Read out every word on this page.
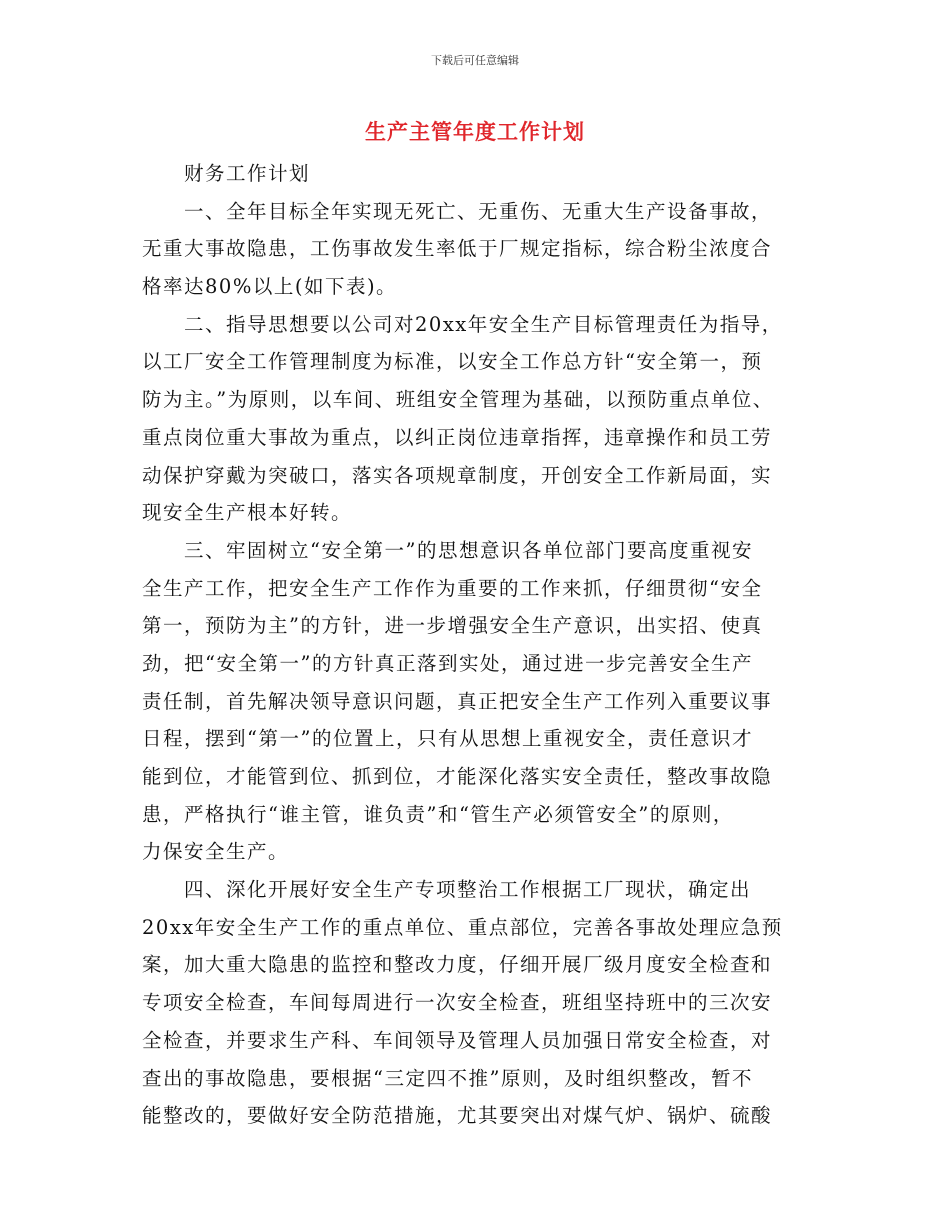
下载后可任意编辑
生产主管年度工作计划
　　财务工作计划
　　一、全年目标全年实现无死亡、无重伤、无重大生产设备事故，
无重大事故隐患，工伤事故发生率低于厂规定指标，综合粉尘浓度合
格率达80%以上(如下表)。
　　二、指导思想要以公司对20xx年安全生产目标管理责任为指导，
以工厂安全工作管理制度为标准，以安全工作总方针“安全第一，预
防为主。”为原则，以车间、班组安全管理为基础，以预防重点单位、
重点岗位重大事故为重点，以纠正岗位违章指挥，违章操作和员工劳
动保护穿戴为突破口，落实各项规章制度，开创安全工作新局面，实
现安全生产根本好转。
　　三、牢固树立“安全第一”的思想意识各单位部门要高度重视安
全生产工作，把安全生产工作作为重要的工作来抓，仔细贯彻“安全
第一，预防为主”的方针，进一步增强安全生产意识，出实招、使真
劲，把“安全第一”的方针真正落到实处，通过进一步完善安全生产
责任制，首先解决领导意识问题，真正把安全生产工作列入重要议事
日程，摆到“第一”的位置上，只有从思想上重视安全，责任意识才
能到位，才能管到位、抓到位，才能深化落实安全责任，整改事故隐
患，严格执行“谁主管，谁负责”和“管生产必须管安全”的原则，
力保安全生产。
　　四、深化开展好安全生产专项整治工作根据工厂现状，确定出
20xx年安全生产工作的重点单位、重点部位，完善各事故处理应急预
案，加大重大隐患的监控和整改力度，仔细开展厂级月度安全检查和
专项安全检查，车间每周进行一次安全检查，班组坚持班中的三次安
全检查，并要求生产科、车间领导及管理人员加强日常安全检查，对
查出的事故隐患，要根据“三定四不推”原则，及时组织整改，暂不
能整改的，要做好安全防范措施，尤其要突出对煤气炉、锅炉、硫酸
